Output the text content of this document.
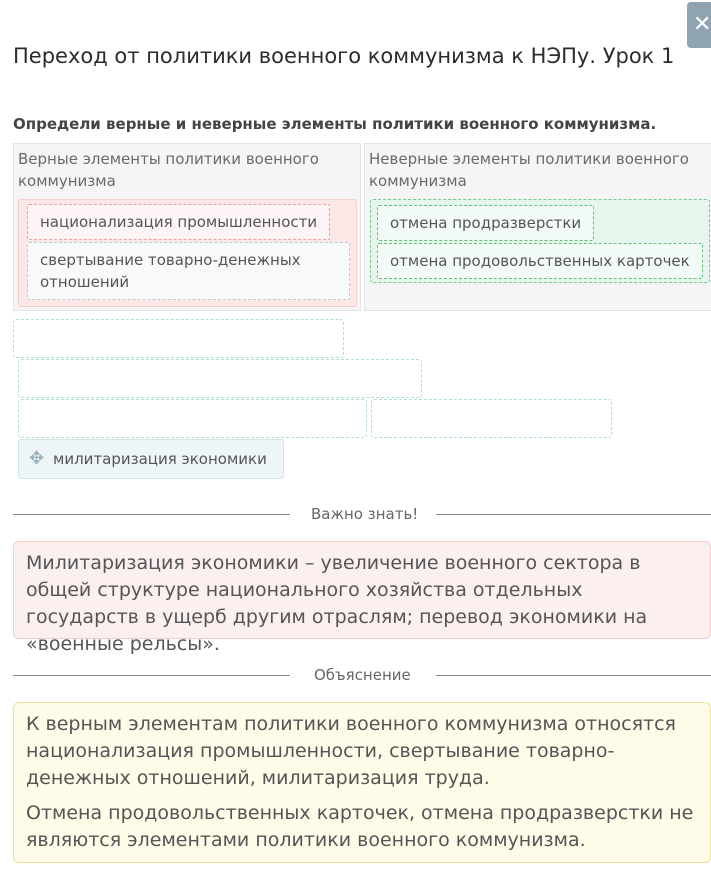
✕
Переход от политики военного коммунизма к НЭПу. Урок 1
Определи верные и неверные элементы политики военного коммунизма.
Верные элементы политики военного коммунизма
национализация промышленности
свертывание товарно-денежных отношений
Неверные элементы политики военного коммунизма
отмена продразверстки
отмена продовольственных карточек
✥ милитаризация экономики
Важно знать!
Милитаризация экономики – увеличение военного сектора в общей структуре национального хозяйства отдельных государств в ущерб другим отраслям; перевод экономики на «военные рельсы».
Объяснение

К верным элементам политики военного коммунизма относятся национализация промышленности, свертывание товарно-денежных отношений, милитаризация труда.

Отмена продовольственных карточек, отмена продразверстки не являются элементами политики военного коммунизма.
